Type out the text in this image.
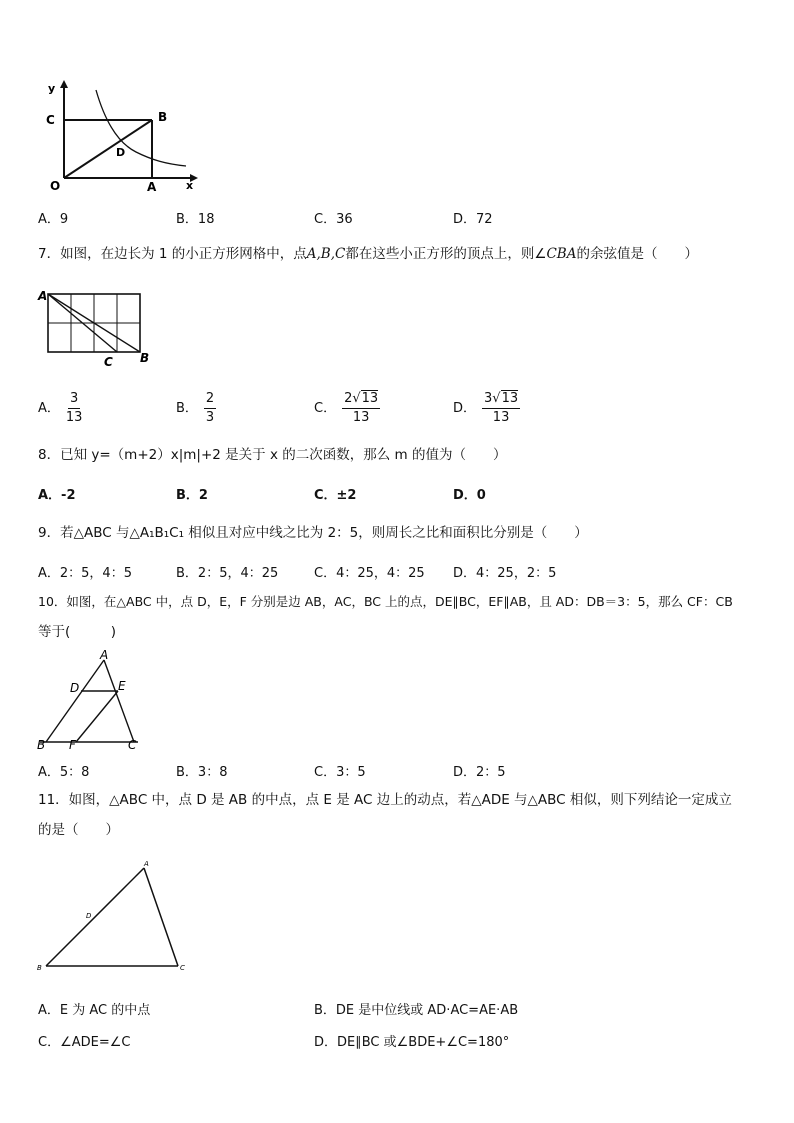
y
C	B
D
O	A	x
A．9	B．18	C．36	D．72
7．如图，在边长为 1 的小正方形网格中，点A,B,C都在这些小正方形的顶点上，则∠CBA的余弦值是（　　）
A
C B
A． $\frac{3}{13}$	B． $\frac{2}{3}$	C． $\frac{2√13}{13}$	D． $\frac{3√13}{13}$
8．已知 y=（m+2）x|m|+2 是关于 x 的二次函数，那么 m 的值为（　　）
A．-2	B．2	C．±2	D．0
9．若△ABC 与△A₁B₁C₁ 相似且对应中线之比为 2：5，则周长之比和面积比分别是（　　）
A．2：5，4：5	B．2：5，4：25	C．4：25，4：25 D．4：25，2：5
10．如图，在△ABC 中，点 D，E，F 分别是边 AB，AC，BC 上的点，DE∥BC，EF∥AB，且 AD：DB＝3：5，那么 CF：CB
等于(　　　)
A
D	E
B F	C
A．5：8	B．3：8	C．3：5	D．2：5
11．如图，△ABC 中，点 D 是 AB 的中点，点 E 是 AC 边上的动点，若△ADE 与△ABC 相似，则下列结论一定成立
的是（　　）
A
D
B	C
A．E 为 AC 的中点	B．DE 是中位线或 AD·AC=AE·AB
C．∠ADE=∠C	D．DE∥BC 或∠BDE+∠C=180°
